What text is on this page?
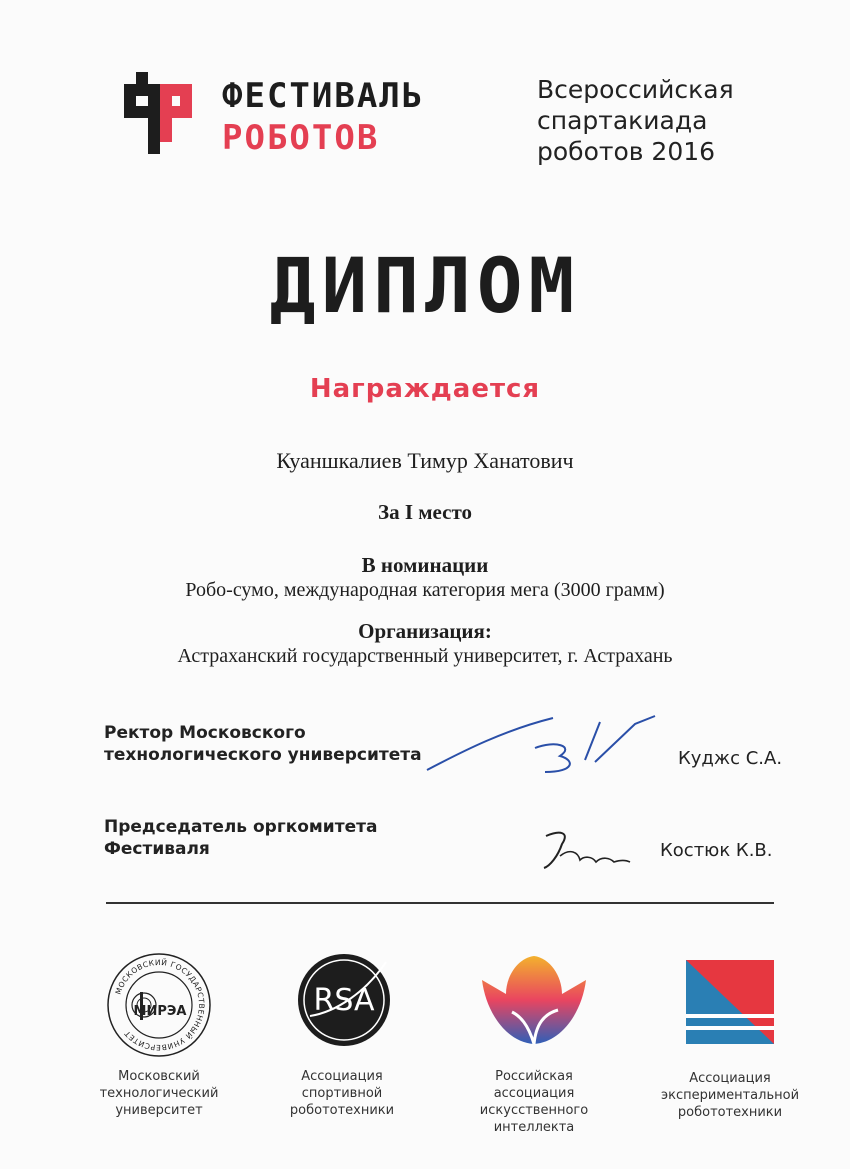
ФЕСТИВАЛЬ
РОБОТОВ
Всероссийская
спартакиада
роботов 2016
ДИПЛОМ
Награждается
Куаншкалиев Тимур Ханатович
За I место
В номинации
Робо-сумо, международная категория мега (3000 грамм)
Организация:
Астраханский государственный университет, г. Астрахань
Ректор Московского
технологического университета	Куджс С.А.
Председатель оргкомитета
Фестиваля	Костюк К.В.
МОСКОВСКИЙ ГОСУДАРСТВЕННЫЙ УНИВЕРСИТЕТ
МИРЭА	RSA
Московский
технологический
университет
Ассоциация
спортивной
робототехники
Российская
ассоциация
искусственного
интеллекта
Ассоциация
экспериментальной
робототехники
